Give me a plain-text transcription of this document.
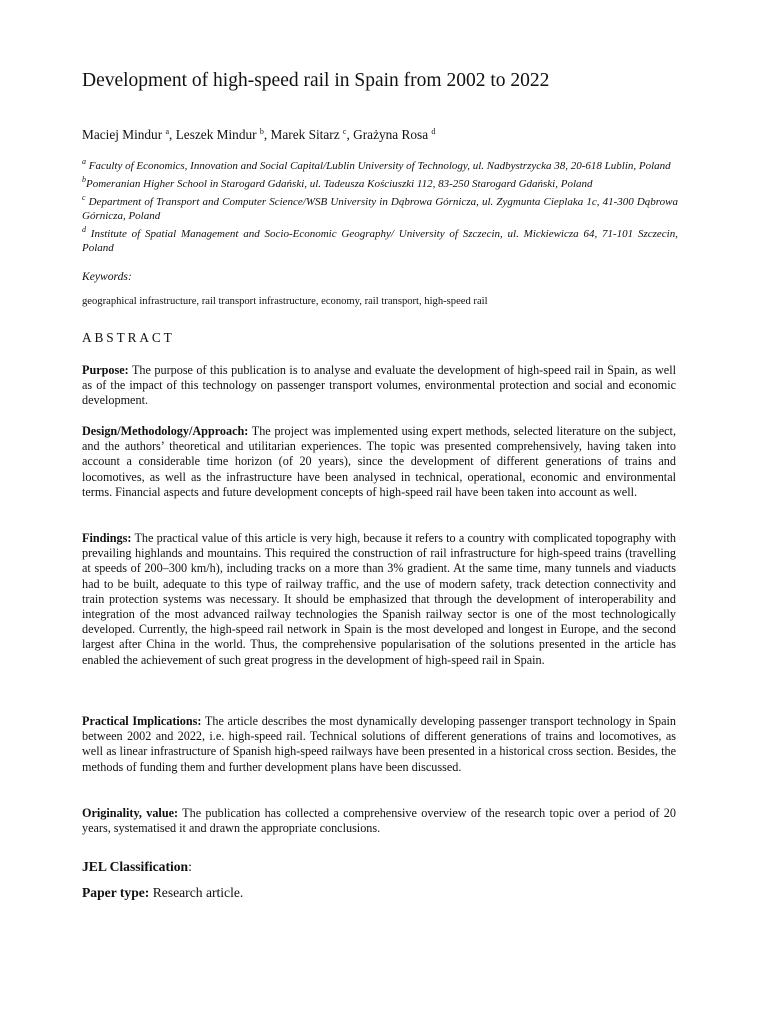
Development of high-speed rail in Spain from 2002 to 2022
Maciej Mindur $^a$, Leszek Mindur $^b$, Marek Sitarz $^c$, Grażyna Rosa $^d$

$^a$ Faculty of Economics, Innovation and Social Capital/Lublin University of Technology, ul. Nadbystrzycka 38, 20-618 Lublin, Poland

$^b$Pomeranian Higher School in Starogard Gdański, ul. Tadeusza Kościuszki 112, 83-250 Starogard Gdański, Poland

$^c$ Department of Transport and Computer Science/WSB University in Dąbrowa Górnicza, ul. Zygmunta Cieplaka 1c, 41-300 Dąbrowa Górnicza, Poland

$^d$ Institute of Spatial Management and Socio-Economic Geography/ University of Szczecin, ul. Mickiewicza 64, 71-101 Szczecin, Poland

Keywords:
geographical infrastructure, rail transport infrastructure, economy, rail transport, high-speed rail
ABSTRACT

Purpose: The purpose of this publication is to analyse and evaluate the development of high-speed rail in Spain, as well as of the impact of this technology on passenger transport volumes, environmental protection and social and economic development.

Design/Methodology/Approach: The project was implemented using expert methods, selected literature on the subject, and the authors’ theoretical and utilitarian experiences. The topic was presented comprehensively, having taken into account a considerable time horizon (of 20 years), since the development of different generations of trains and locomotives, as well as the infrastructure have been analysed in technical, operational, economic and environmental terms. Financial aspects and future development concepts of high-speed rail have been taken into account as well.

Findings: The practical value of this article is very high, because it refers to a country with complicated topography with prevailing highlands and mountains. This required the construction of rail infrastructure for high-speed trains (travelling at speeds of 200–300 km/h), including tracks on a more than 3% gradient. At the same time, many tunnels and viaducts had to be built, adequate to this type of railway traffic, and the use of modern safety, track detection connectivity and train protection systems was necessary. It should be emphasized that through the development of interoperability and integration of the most advanced railway technologies the Spanish railway sector is one of the most technologically developed. Currently, the high-speed rail network in Spain is the most developed and longest in Europe, and the second largest after China in the world. Thus, the comprehensive popularisation of the solutions presented in the article has enabled the achievement of such great progress in the development of high-speed rail in Spain.

Practical Implications: The article describes the most dynamically developing passenger transport technology in Spain between 2002 and 2022, i.e. high-speed rail. Technical solutions of different generations of trains and locomotives, as well as linear infrastructure of Spanish high-speed railways have been presented in a historical cross section. Besides, the methods of funding them and further development plans have been discussed.

Originality, value: The publication has collected a comprehensive overview of the research topic over a period of 20 years, systematised it and drawn the appropriate conclusions.

JEL Classification:
Paper type: Research article.
